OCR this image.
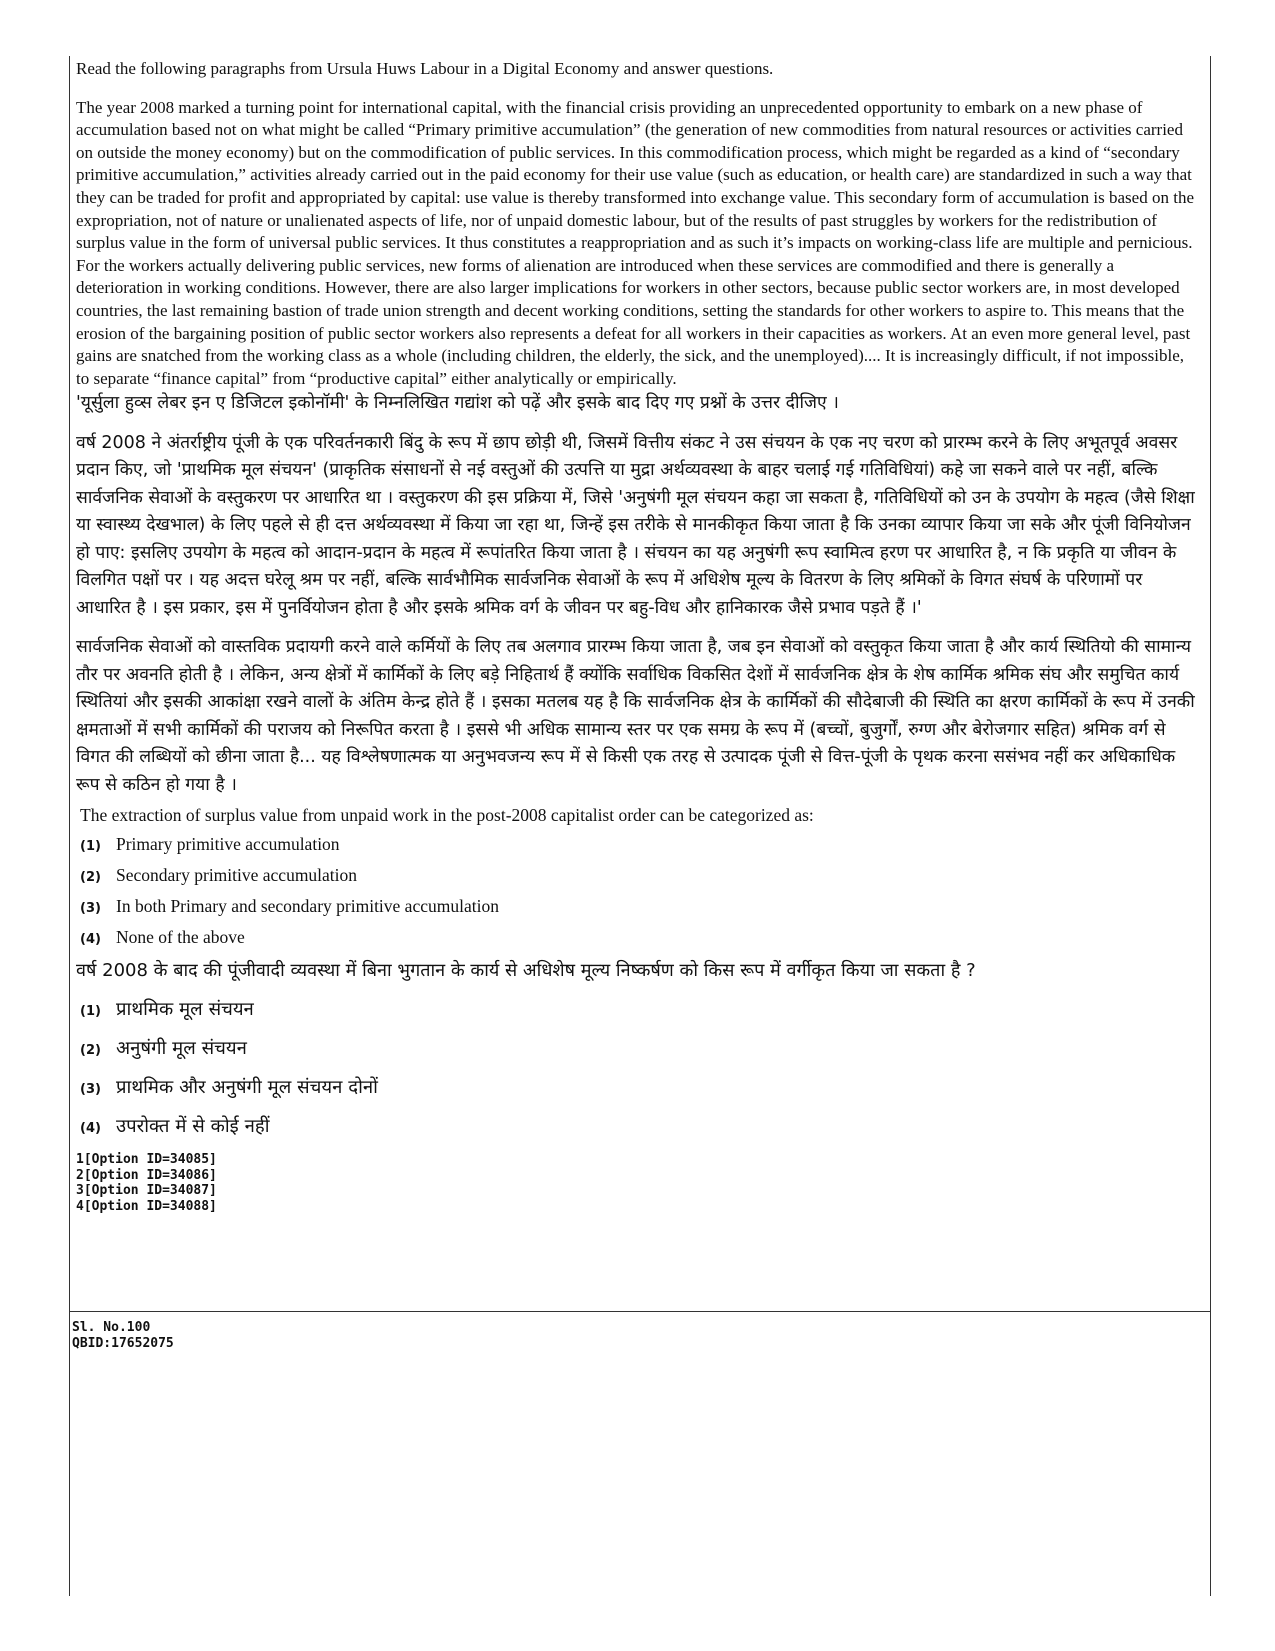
Read the following paragraphs from Ursula Huws Labour in a Digital Economy and answer questions.

The year 2008 marked a turning point for international capital, with the financial crisis providing an unprecedented opportunity to embark on a new phase of accumulation based not on what might be called “Primary primitive accumulation” (the generation of new commodities from natural resources or activities carried on outside the money economy) but on the commodification of public services. In this commodification process, which might be regarded as a kind of “secondary primitive accumulation,” activities already carried out in the paid economy for their use value (such as education, or health care) are standardized in such a way that they can be traded for profit and appropriated by capital: use value is thereby transformed into exchange value. This secondary form of accumulation is based on the expropriation, not of nature or unalienated aspects of life, nor of unpaid domestic labour, but of the results of past struggles by workers for the redistribution of surplus value in the form of universal public services. It thus constitutes a reappropriation and as such it’s impacts on working-class life are multiple and pernicious.

For the workers actually delivering public services, new forms of alienation are introduced when these services are commodified and there is generally a deterioration in working conditions. However, there are also larger implications for workers in other sectors, because public sector workers are, in most developed countries, the last remaining bastion of trade union strength and decent working conditions, setting the standards for other workers to aspire to. This means that the erosion of the bargaining position of public sector workers also represents a defeat for all workers in their capacities as workers. At an even more general level, past gains are snatched from the working class as a whole (including children, the elderly, the sick, and the unemployed).... It is increasingly difficult, if not impossible, to separate “finance capital” from “productive capital” either analytically or empirically.

'यूर्सुला हुव्स लेबर इन ए डिजिटल इकोनॉमी' के निम्नलिखित गद्यांश को पढ़ें और इसके बाद दिए गए प्रश्नों के उत्तर दीजिए ।

वर्ष 2008 ने अंतर्राष्ट्रीय पूंजी के एक परिवर्तनकारी बिंदु के रूप में छाप छोड़ी थी, जिसमें वित्तीय संकट ने उस संचयन के एक नए चरण को प्रारम्भ करने के लिए अभूतपूर्व अवसर प्रदान किए, जो 'प्राथमिक मूल संचयन' (प्राकृतिक संसाधनों से नई वस्तुओं की उत्पत्ति या मुद्रा अर्थव्यवस्था के बाहर चलाई गई गतिविधियां) कहे जा सकने वाले पर नहीं, बल्कि सार्वजनिक सेवाओं के वस्तुकरण पर आधारित था । वस्तुकरण की इस प्रक्रिया में, जिसे 'अनुषंगी मूल संचयन कहा जा सकता है, गतिविधियों को उन के उपयोग के महत्व (जैसे शिक्षा या स्वास्थ्य देखभाल) के लिए पहले से ही दत्त अर्थव्यवस्था में किया जा रहा था, जिन्हें इस तरीके से मानकीकृत किया जाता है कि उनका व्यापार किया जा सके और पूंजी विनियोजन हो पाए: इसलिए उपयोग के महत्व को आदान-प्रदान के महत्व में रूपांतरित किया जाता है । संचयन का यह अनुषंगी रूप स्वामित्व हरण पर आधारित है, न कि प्रकृति या जीवन के विलगित पक्षों पर । यह अदत्त घरेलू श्रम पर नहीं, बल्कि सार्वभौमिक सार्वजनिक सेवाओं के रूप में अधिशेष मूल्य के वितरण के लिए श्रमिकों के विगत संघर्ष के परिणामों पर आधारित है । इस प्रकार, इस में पुनर्वियोजन होता है और इसके श्रमिक वर्ग के जीवन पर बहु-विध और हानिकारक जैसे प्रभाव पड़ते हैं ।'

सार्वजनिक सेवाओं को वास्तविक प्रदायगी करने वाले कर्मियों के लिए तब अलगाव प्रारम्भ किया जाता है, जब इन सेवाओं को वस्तुकृत किया जाता है और कार्य स्थितियो की सामान्य तौर पर अवनति होती है । लेकिन, अन्य क्षेत्रों में कार्मिकों के लिए बड़े निहितार्थ हैं क्योंकि सर्वाधिक विकसित देशों में सार्वजनिक क्षेत्र के शेष कार्मिक श्रमिक संघ और समुचित कार्य स्थितियां और इसकी आकांक्षा रखने वालों के अंतिम केन्द्र होते हैं । इसका मतलब यह है कि सार्वजनिक क्षेत्र के कार्मिकों की सौदेबाजी की स्थिति का क्षरण कार्मिकों के रूप में उनकी क्षमताओं में सभी कार्मिकों की पराजय को निरूपित करता है । इससे भी अधिक सामान्य स्तर पर एक समग्र के रूप में (बच्चों, बुजुर्गों, रुग्ण और बेरोजगार सहित) श्रमिक वर्ग से विगत की लब्धियों को छीना जाता है... यह विश्लेषणात्मक या अनुभवजन्य रूप में से किसी एक तरह से उत्पादक पूंजी से वित्त-पूंजी के पृथक करना ससंभव नहीं कर अधिकाधिक रूप से कठिन हो गया है ।

The extraction of surplus value from unpaid work in the post-2008 capitalist order can be categorized as:
(1) Primary primitive accumulation
(2) Secondary primitive accumulation
(3) In both Primary and secondary primitive accumulation
(4) None of the above
वर्ष 2008 के बाद की पूंजीवादी व्यवस्था में बिना भुगतान के कार्य से अधिशेष मूल्य निष्कर्षण को किस रूप में वर्गीकृत किया जा सकता है ?
(1) प्राथमिक मूल संचयन
(2) अनुषंगी मूल संचयन
(3) प्राथमिक और अनुषंगी मूल संचयन दोनों
(4) उपरोक्त में से कोई नहीं
1[Option ID=34085]
2[Option ID=34086]
3[Option ID=34087]
4[Option ID=34088]
Sl. No.100
QBID:17652075
